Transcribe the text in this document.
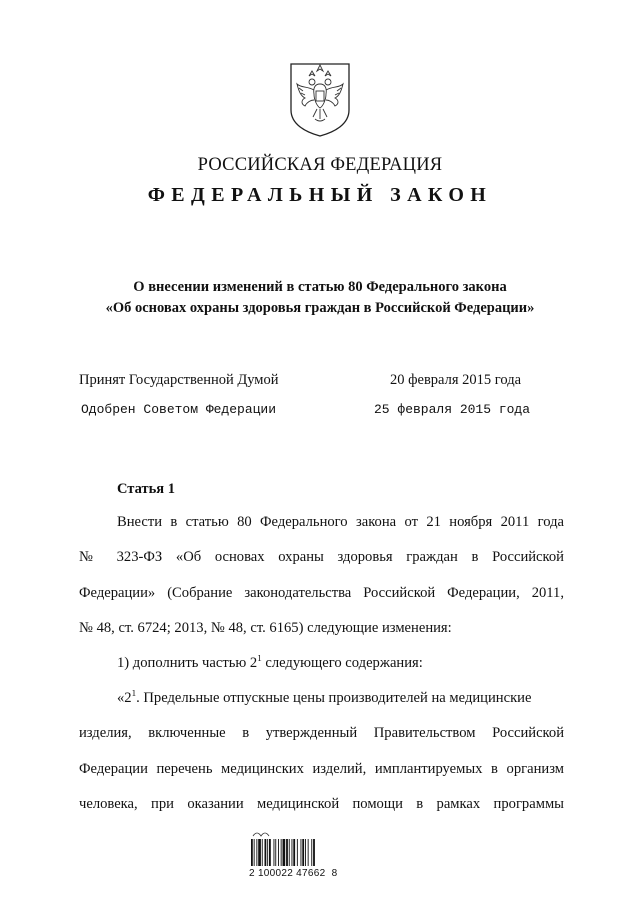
РОССИЙСКАЯ ФЕДЕРАЦИЯ
ФЕДЕРАЛЬНЫЙ ЗАКОН
О внесении изменений в статью 80 Федерального закона
«Об основах охраны здоровья граждан в Российской Федерации»
Принят Государственной Думой	20 февраля 2015 года
Одобрен Советом Федерации	25 февраля 2015 года
Статья 1
Внести в статью 80 Федерального закона от 21 ноября 2011 года
№ 323-ФЗ «Об основах охраны здоровья граждан в Российской
Федерации» (Собрание законодательства Российской Федерации, 2011,
№ 48, ст. 6724; 2013, № 48, ст. 6165) следующие изменения:
1) дополнить частью $2^1$ следующего содержания:
«$2^1$. Предельные отпускные цены производителей на медицинские
изделия, включенные в утвержденный Правительством Российской
Федерации перечень медицинских изделий, имплантируемых в организм
человека, при оказании медицинской помощи в рамках программы
2 100022 47662  8
